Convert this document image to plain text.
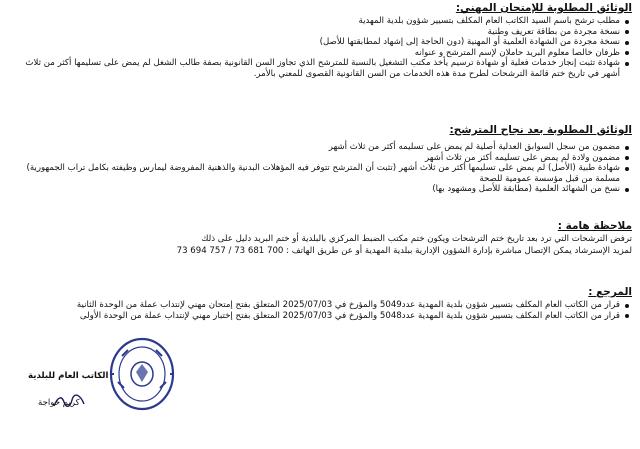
الوثائق المطلوبة للإمتحان المهني:
مطلب ترشح باسم السيد الكاتب العام المكلف بتسيير شؤون بلدية المهدية
نسخة مجردة من بطاقة تعريف وطنية
نسخة مجردة من الشهادة العلمية أو المهنية (دون الحاجة إلى إشهاد لمطابقتها للأصل)
ظرفان خالصا معلوم البريد حاملان لإسم المترشح و عنوانه
شهادة تثبت إنجاز خدمات فعلية أو شهادة ترسيم يأخذ مكتب التشغيل بالنسبة للمترشح الذي تجاوز السن القانونية بصفة طالب الشغل لم يمض على تسليمها أكثر من ثلاث أشهر في تاريخ ختم قائمة الترشحات لطرح مدة هذه الخدمات من السن القانونية القصوى للمعني بالأمر.
الوثائق المطلوبة بعد نجاح المترشح:
مضمون من سجل السوابق العدلية أصلية لم يمض على تسليمه أكثر من ثلاث أشهر
مضمون ولادة لم يمض على تسليمه أكثر من ثلاث أشهر
شهادة طبية (الأصل) لم يمض على تسليمها أكثر من ثلاث أشهر (تثبت أن المترشح تتوفر فيه المؤهلات البدنية والذهنية المفروضة ليمارس وظيفته بكامل تراب الجمهورية) مسلمة من قبل مؤسسة عمومية للصحة
نسخ من الشهائد العلمية (مطابقة للأصل ومشهود بها)
ملاحظة هامة :
ترفض الترشحات التي ترد بعد تاريخ ختم الترشحات ويكون ختم مكتب الضبط المركزي بالبلدية أو ختم البريد دليل على ذلك
لمزيد الإسترشاد يمكن الإتصال مباشرة بإدارة الشؤون الإدارية ببلدية المهدية أو عن طريق الهاتف : 700 681 73 / 757 694 73
المرجع :
قرار من الكاتب العام المكلف بتسيير شؤون بلدية المهدية عدد5049 والمؤرخ في 2025/07/03 المتعلق بفتح إمتحان مهني لإنتداب عملة من الوحدة الثانية
قرار من الكاتب العام المكلف بتسيير شؤون بلدية المهدية عدد5048 والمؤرخ في 2025/07/03 المتعلق بفتح إختبار مهني لإنتداب عملة من الوحدة الأولى
الكاتب العام للبلدية
كريم خواجة
